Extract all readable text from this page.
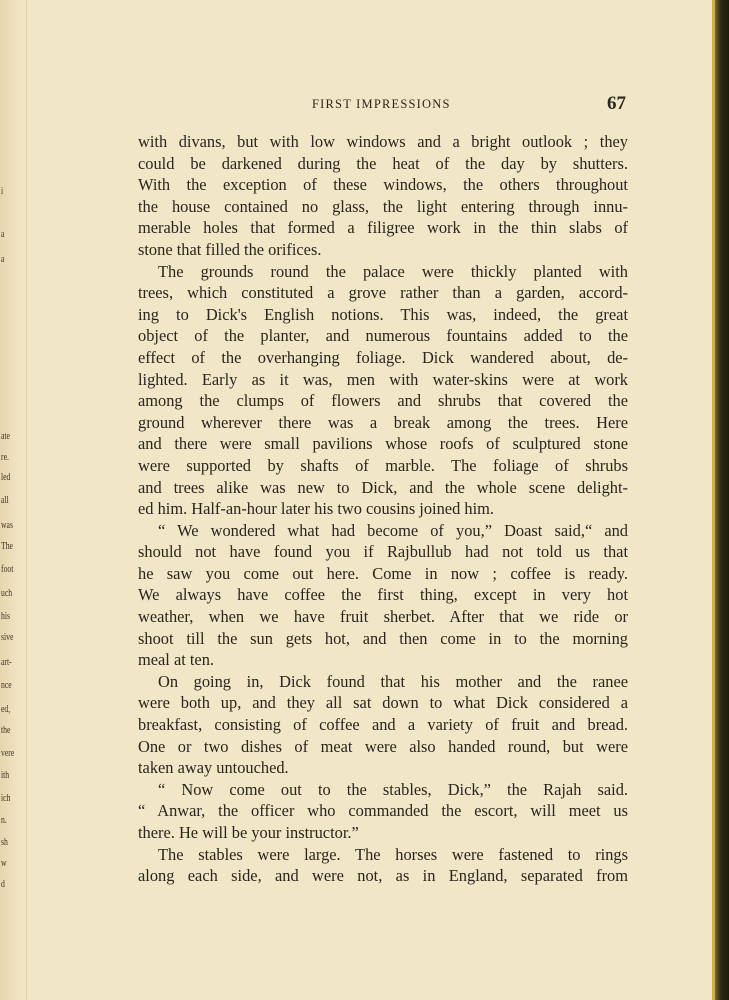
i
a
a
ate
re.
led
all
was
The
foot
uch
his
sive
art-
nce
ed,
the
vere
ith
ich
n.
sh
w
d
FIRST IMPRESSIONS	67
with divans, but with low windows and a bright outlook ; they
could be darkened during the heat of the day by shutters.
With the exception of these windows, the others throughout
the house contained no glass, the light entering through innu-
merable holes that formed a filigree work in the thin slabs of
stone that filled the orifices.
The grounds round the palace were thickly planted with
trees, which constituted a grove rather than a garden, accord-
ing to Dick's English notions. This was, indeed, the great
object of the planter, and numerous fountains added to the
effect of the overhanging foliage. Dick wandered about, de-
lighted. Early as it was, men with water-skins were at work
among the clumps of flowers and shrubs that covered the
ground wherever there was a break among the trees. Here
and there were small pavilions whose roofs of sculptured stone
were supported by shafts of marble. The foliage of shrubs
and trees alike was new to Dick, and the whole scene delight-
ed him. Half-an-hour later his two cousins joined him.
“ We wondered what had become of you,” Doast said,“ and
should not have found you if Rajbullub had not told us that
he saw you come out here. Come in now ; coffee is ready.
We always have coffee the first thing, except in very hot
weather, when we have fruit sherbet. After that we ride or
shoot till the sun gets hot, and then come in to the morning
meal at ten.
On going in, Dick found that his mother and the ranee
were both up, and they all sat down to what Dick considered a
breakfast, consisting of coffee and a variety of fruit and bread.
One or two dishes of meat were also handed round, but were
taken away untouched.
“ Now come out to the stables, Dick,” the Rajah said.
“ Anwar, the officer who commanded the escort, will meet us
there. He will be your instructor.”
The stables were large. The horses were fastened to rings
along each side, and were not, as in England, separated from
